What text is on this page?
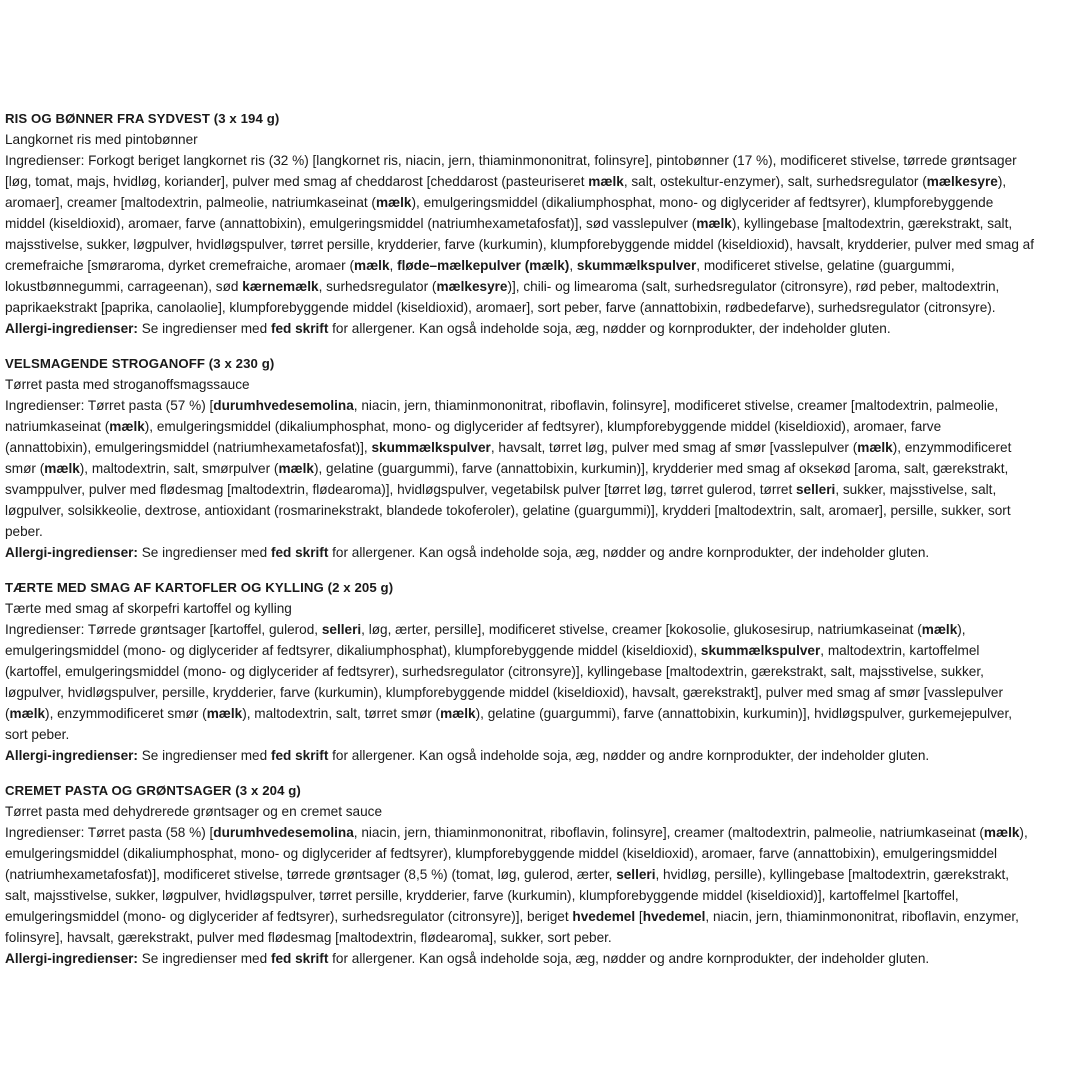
RIS OG BØNNER FRA SYDVEST (3 x 194 g)
Langkornet ris med pintobønner
Ingredienser: Forkogt beriget langkornet ris (32 %) [langkornet ris, niacin, jern, thiaminmononitrat, folinsyre], pintobønner (17 %), modificeret stivelse, tørrede grøntsager
[løg, tomat, majs, hvidløg, koriander], pulver med smag af cheddarost [cheddarost (pasteuriseret mælk, salt, ostekultur-enzymer), salt, surhedsregulator (mælkesyre),
aromaer], creamer [maltodextrin, palmeolie, natriumkaseinat (mælk), emulgeringsmiddel (dikaliumphosphat, mono- og diglycerider af fedtsyrer), klumpforebyggende
middel (kiseldioxid), aromaer, farve (annattobixin), emulgeringsmiddel (natriumhexametafosfat)], sød vasslepulver (mælk), kyllingebase [maltodextrin, gærekstrakt, salt,
majsstivelse, sukker, løgpulver, hvidløgspulver, tørret persille, krydderier, farve (kurkumin), klumpforebyggende middel (kiseldioxid), havsalt, krydderier, pulver med smag af
cremefraiche [smøraroma, dyrket cremefraiche, aromaer (mælk, fløde–mælkepulver (mælk), skummælkspulver, modificeret stivelse, gelatine (guargummi,
lokustbønnegummi, carrageenan), sød kærnemælk, surhedsregulator (mælkesyre)], chili- og limearoma (salt, surhedsregulator (citronsyre), rød peber, maltodextrin,
paprikaekstrakt [paprika, canolaolie], klumpforebyggende middel (kiseldioxid), aromaer], sort peber, farve (annattobixin, rødbedefarve), surhedsregulator (citronsyre).
Allergi-ingredienser: Se ingredienser med fed skrift for allergener. Kan også indeholde soja, æg, nødder og kornprodukter, der indeholder gluten.
VELSMAGENDE STROGANOFF (3 x 230 g)
Tørret pasta med stroganoffsmagssauce
Ingredienser: Tørret pasta (57 %) [durumhvedesemolina, niacin, jern, thiaminmononitrat, riboflavin, folinsyre], modificeret stivelse, creamer [maltodextrin, palmeolie,
natriumkaseinat (mælk), emulgeringsmiddel (dikaliumphosphat, mono- og diglycerider af fedtsyrer), klumpforebyggende middel (kiseldioxid), aromaer, farve
(annattobixin), emulgeringsmiddel (natriumhexametafosfat)], skummælkspulver, havsalt, tørret løg, pulver med smag af smør [vasslepulver (mælk), enzymmodificeret
smør (mælk), maltodextrin, salt, smørpulver (mælk), gelatine (guargummi), farve (annattobixin, kurkumin)], krydderier med smag af oksekød [aroma, salt, gærekstrakt,
svamppulver, pulver med flødesmag [maltodextrin, flødearoma)], hvidløgspulver, vegetabilsk pulver [tørret løg, tørret gulerod, tørret selleri, sukker, majsstivelse, salt,
løgpulver, solsikkeolie, dextrose, antioxidant (rosmarinekstrakt, blandede tokoferoler), gelatine (guargummi)], krydderi [maltodextrin, salt, aromaer], persille, sukker, sort
peber.
Allergi-ingredienser: Se ingredienser med fed skrift for allergener. Kan også indeholde soja, æg, nødder og andre kornprodukter, der indeholder gluten.
TÆRTE MED SMAG AF KARTOFLER OG KYLLING (2 x 205 g)
Tærte med smag af skorpefri kartoffel og kylling
Ingredienser: Tørrede grøntsager [kartoffel, gulerod, selleri, løg, ærter, persille], modificeret stivelse, creamer [kokosolie, glukosesirup, natriumkaseinat (mælk),
emulgeringsmiddel (mono- og diglycerider af fedtsyrer, dikaliumphosphat), klumpforebyggende middel (kiseldioxid), skummælkspulver, maltodextrin, kartoffelmel
(kartoffel, emulgeringsmiddel (mono- og diglycerider af fedtsyrer), surhedsregulator (citronsyre)], kyllingebase [maltodextrin, gærekstrakt, salt, majsstivelse, sukker,
løgpulver, hvidløgspulver, persille, krydderier, farve (kurkumin), klumpforebyggende middel (kiseldioxid), havsalt, gærekstrakt], pulver med smag af smør [vasslepulver
(mælk), enzymmodificeret smør (mælk), maltodextrin, salt, tørret smør (mælk), gelatine (guargummi), farve (annattobixin, kurkumin)], hvidløgspulver, gurkemejepulver,
sort peber.
Allergi-ingredienser: Se ingredienser med fed skrift for allergener. Kan også indeholde soja, æg, nødder og andre kornprodukter, der indeholder gluten.
CREMET PASTA OG GRØNTSAGER (3 x 204 g)
Tørret pasta med dehydrerede grøntsager og en cremet sauce
Ingredienser: Tørret pasta (58 %) [durumhvedesemolina, niacin, jern, thiaminmononitrat, riboflavin, folinsyre], creamer (maltodextrin, palmeolie, natriumkaseinat (mælk),
emulgeringsmiddel (dikaliumphosphat, mono- og diglycerider af fedtsyrer), klumpforebyggende middel (kiseldioxid), aromaer, farve (annattobixin), emulgeringsmiddel
(natriumhexametafosfat)], modificeret stivelse, tørrede grøntsager (8,5 %) (tomat, løg, gulerod, ærter, selleri, hvidløg, persille), kyllingebase [maltodextrin, gærekstrakt,
salt, majsstivelse, sukker, løgpulver, hvidløgspulver, tørret persille, krydderier, farve (kurkumin), klumpforebyggende middel (kiseldioxid)], kartoffelmel [kartoffel,
emulgeringsmiddel (mono- og diglycerider af fedtsyrer), surhedsregulator (citronsyre)], beriget hvedemel [hvedemel, niacin, jern, thiaminmononitrat, riboflavin, enzymer,
folinsyre], havsalt, gærekstrakt, pulver med flødesmag [maltodextrin, flødearoma], sukker, sort peber.
Allergi-ingredienser: Se ingredienser med fed skrift for allergener. Kan også indeholde soja, æg, nødder og andre kornprodukter, der indeholder gluten.
